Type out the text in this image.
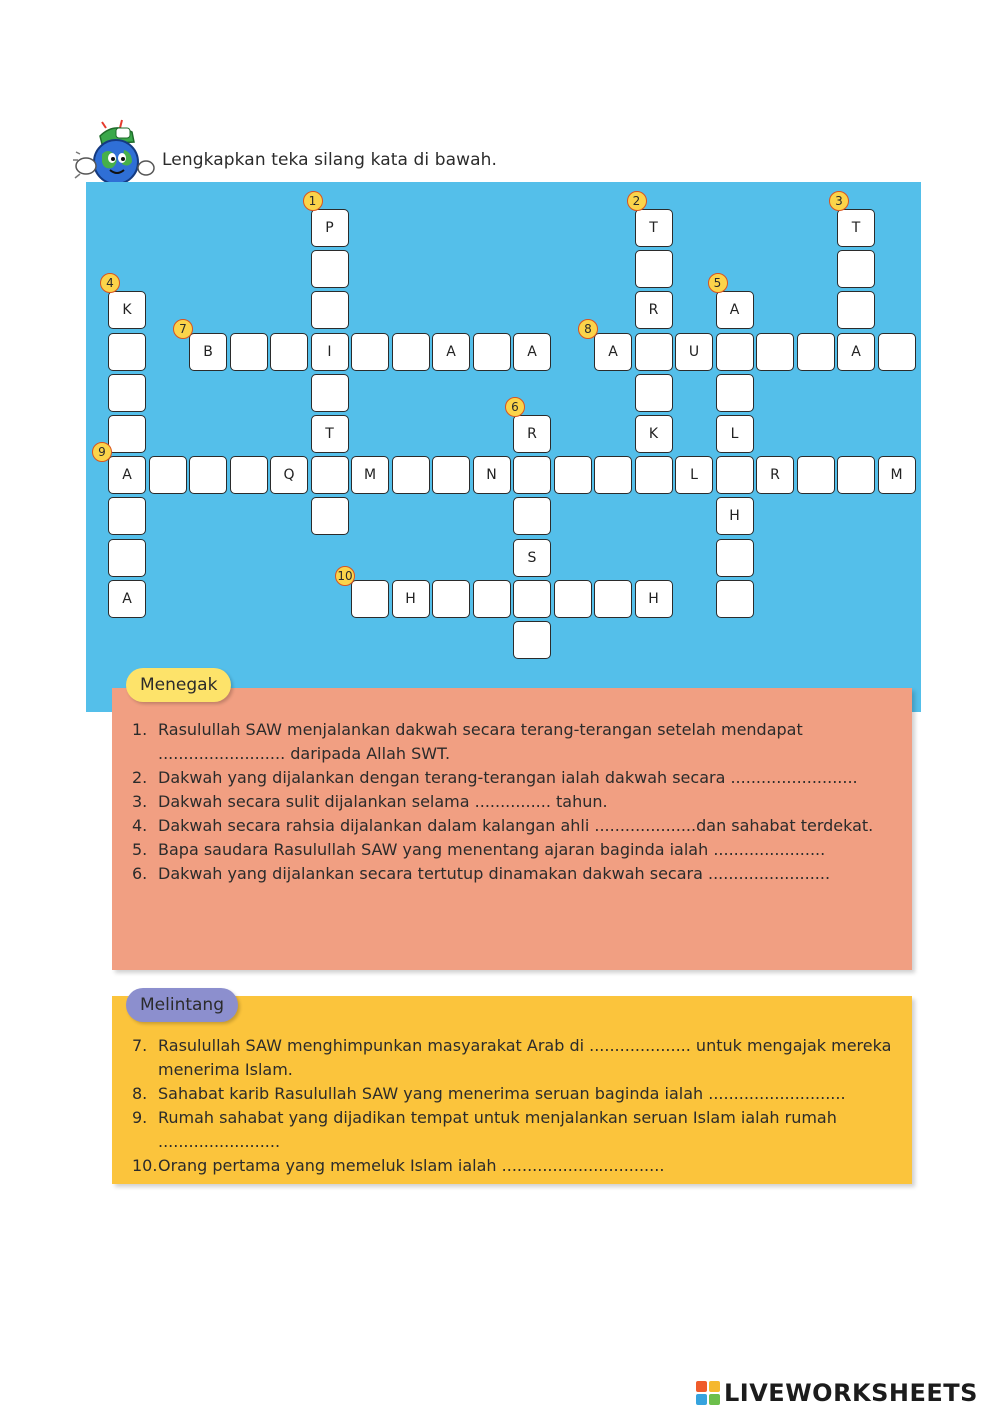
Lengkapkan teka silang kata di bawah.
P
I
T
T
R
K
T
A
K
A
A
A
L
H
R
S
B	A	A	A	U
Q	M	N	L	R	M
H	H
1	2	3
4	5
6
7	8
9
10
Menegak
1. Rasulullah SAW menjalankan dakwah secara terang-terangan setelah mendapat ......................... daripada Allah SWT.
2. Dakwah yang dijalankan dengan terang-terangan ialah dakwah secara .........................
3. Dakwah secara sulit dijalankan selama ............... tahun.
4. Dakwah secara rahsia dijalankan dalam kalangan ahli ....................dan sahabat terdekat.
5. Bapa saudara Rasulullah SAW yang menentang ajaran baginda ialah ......................
6. Dakwah yang dijalankan secara tertutup dinamakan dakwah secara ........................
Melintang
7. Rasulullah SAW menghimpunkan masyarakat Arab di .................... untuk mengajak mereka menerima Islam.
8. Sahabat karib Rasulullah SAW yang menerima seruan baginda ialah ...........................
9. Rumah sahabat yang dijadikan tempat untuk menjalankan seruan Islam ialah rumah ........................
10. Orang pertama yang memeluk Islam ialah ................................
LIVEWORKSHEETS
